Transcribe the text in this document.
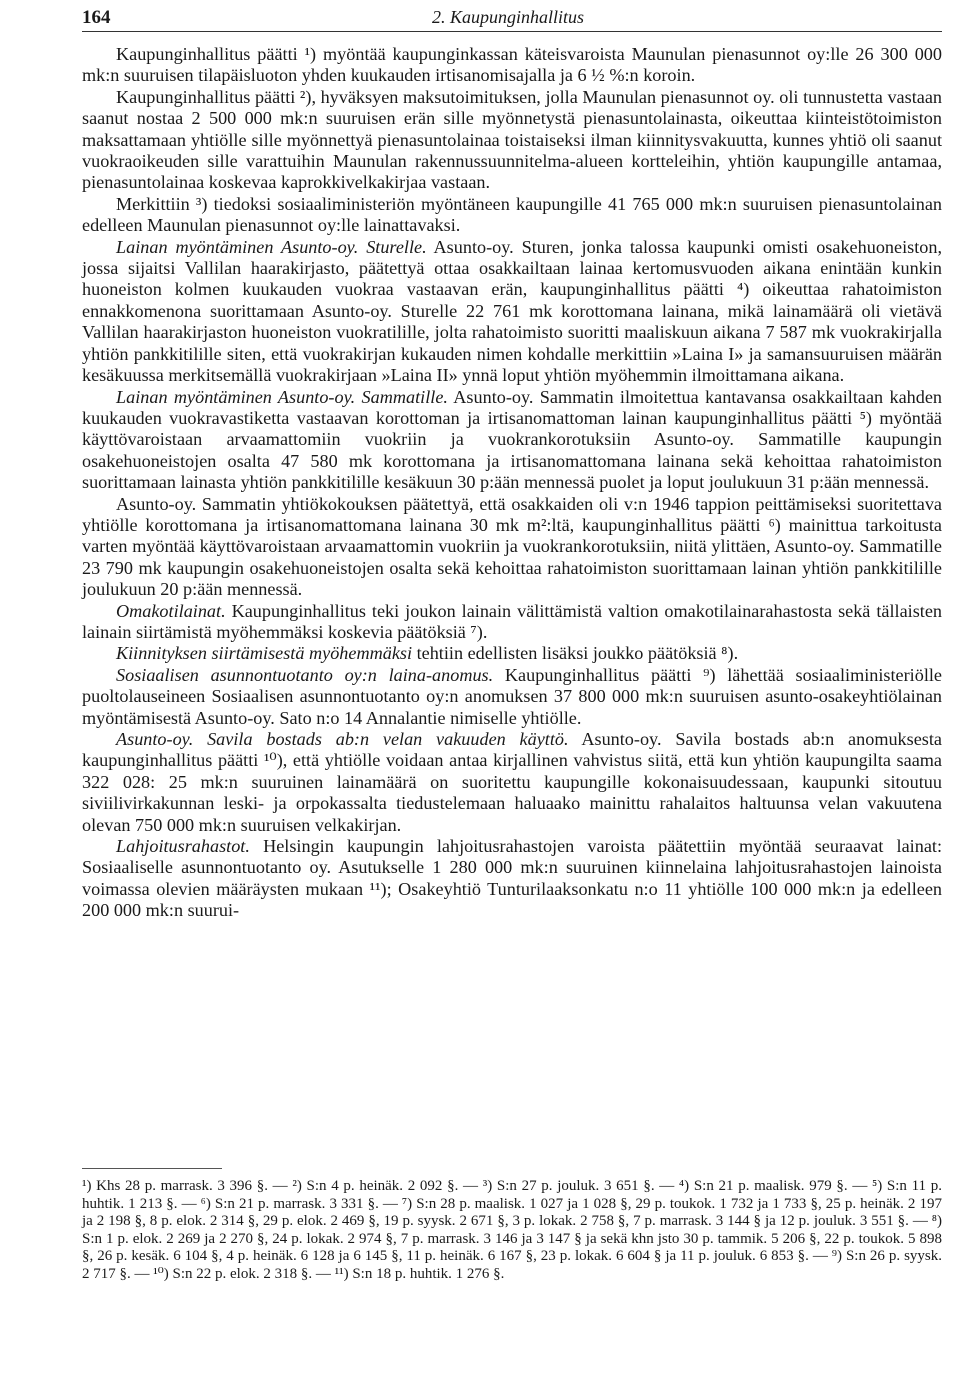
164	2. Kaupunginhallitus

Kaupunginhallitus päätti ¹) myöntää kaupunginkassan käteisvaroista Maunulan pienasunnot oy:lle 26 300 000 mk:n suuruisen tilapäisluoton yhden kuukauden irtisanomisajalla ja 6 ½ %:n koroin.

Kaupunginhallitus päätti ²), hyväksyen maksutoimituksen, jolla Maunulan pienasunnot oy. oli tunnustetta vastaan saanut nostaa 2 500 000 mk:n suuruisen erän sille myönnetystä pienasuntolainasta, oikeuttaa kiinteistötoimiston maksattamaan yhtiölle sille myönnettyä pienasuntolainaa toistaiseksi ilman kiinnitysvakuutta, kunnes yhtiö oli saanut vuokraoikeuden sille varattuihin Maunulan rakennussuunnitelma-alueen kortteleihin, yhtiön kaupungille antamaa, pienasuntolainaa koskevaa kaprokkivelkakirjaa vastaan.

Merkittiin ³) tiedoksi sosiaaliministeriön myöntäneen kaupungille 41 765 000 mk:n suuruisen pienasuntolainan edelleen Maunulan pienasunnot oy:lle lainattavaksi.

Lainan myöntäminen Asunto-oy. Sturelle. Asunto-oy. Sturen, jonka talossa kaupunki omisti osakehuoneiston, jossa sijaitsi Vallilan haarakirjasto, päätettyä ottaa osakkailtaan lainaa kertomusvuoden aikana enintään kunkin huoneiston kolmen kuukauden vuokraa vastaavan erän, kaupunginhallitus päätti ⁴) oikeuttaa rahatoimiston ennakkomenona suorittamaan Asunto-oy. Sturelle 22 761 mk korottomana lainana, mikä lainamäärä oli vietävä Vallilan haarakirjaston huoneiston vuokratilille, jolta rahatoimisto suoritti maaliskuun aikana 7 587 mk vuokrakirjalla yhtiön pankkitilille siten, että vuokrakirjan kukauden nimen kohdalle merkittiin »Laina I» ja samansuuruisen määrän kesäkuussa merkitsemällä vuokrakirjaan »Laina II» ynnä loput yhtiön myöhemmin ilmoittamana aikana.

Lainan myöntäminen Asunto-oy. Sammatille. Asunto-oy. Sammatin ilmoitettua kantavansa osakkailtaan kahden kuukauden vuokravastiketta vastaavan korottoman ja irtisanomattoman lainan kaupunginhallitus päätti ⁵) myöntää käyttövaroistaan arvaamattomiin vuokriin ja vuokrankorotuksiin Asunto-oy. Sammatille kaupungin osakehuoneistojen osalta 47 580 mk korottomana ja irtisanomattomana lainana sekä kehoittaa rahatoimiston suorittamaan lainasta yhtiön pankkitilille kesäkuun 30 p:ään mennessä puolet ja loput joulukuun 31 p:ään mennessä.

Asunto-oy. Sammatin yhtiökokouksen päätettyä, että osakkaiden oli v:n 1946 tappion peittämiseksi suoritettava yhtiölle korottomana ja irtisanomattomana lainana 30 mk m²:ltä, kaupunginhallitus päätti ⁶) mainittua tarkoitusta varten myöntää käyttövaroistaan arvaamattomin vuokriin ja vuokrankorotuksiin, niitä ylittäen, Asunto-oy. Sammatille 23 790 mk kaupungin osakehuoneistojen osalta sekä kehoittaa rahatoimiston suorittamaan lainan yhtiön pankkitilille joulukuun 20 p:ään mennessä.

Omakotilainat. Kaupunginhallitus teki joukon lainain välittämistä valtion omakotilainarahastosta sekä tällaisten lainain siirtämistä myöhemmäksi koskevia päätöksiä ⁷).

Kiinnityksen siirtämisestä myöhemmäksi tehtiin edellisten lisäksi joukko päätöksiä ⁸).

Sosiaalisen asunnontuotanto oy:n laina-anomus. Kaupunginhallitus päätti ⁹) lähettää sosiaaliministeriölle puoltolauseineen Sosiaalisen asunnontuotanto oy:n anomuksen 37 800 000 mk:n suuruisen asunto-osakeyhtiölainan myöntämisestä Asunto-oy. Sato n:o 14 Annalantie nimiselle yhtiölle.

Asunto-oy. Savila bostads ab:n velan vakuuden käyttö. Asunto-oy. Savila bostads ab:n anomuksesta kaupunginhallitus päätti ¹⁰), että yhtiölle voidaan antaa kirjallinen vahvistus siitä, että kun yhtiön kaupungilta saama 322 028: 25 mk:n suuruinen lainamäärä on suoritettu kaupungille kokonaisuudessaan, kaupunki sitoutuu siviilivirkakunnan leski- ja orpokassalta tiedustelemaan haluaako mainittu rahalaitos haltuunsa velan vakuutena olevan 750 000 mk:n suuruisen velkakirjan.

Lahjoitusrahastot. Helsingin kaupungin lahjoitusrahastojen varoista päätettiin myöntää seuraavat lainat: Sosiaaliselle asunnontuotanto oy. Asutukselle 1 280 000 mk:n suuruinen kiinnelaina lahjoitusrahastojen lainoista voimassa olevien määräysten mukaan ¹¹); Osakeyhtiö Tunturilaaksonkatu n:o 11 yhtiölle 100 000 mk:n ja edelleen 200 000 mk:n suurui-

¹) Khs 28 p. marrask. 3 396 §. — ²) S:n 4 p. heinäk. 2 092 §. — ³) S:n 27 p. jouluk. 3 651 §. — ⁴) S:n 21 p. maalisk. 979 §. — ⁵) S:n 11 p. huhtik. 1 213 §. — ⁶) S:n 21 p. marrask. 3 331 §. — ⁷) S:n 28 p. maalisk. 1 027 ja 1 028 §, 29 p. toukok. 1 732 ja 1 733 §, 25 p. heinäk. 2 197 ja 2 198 §, 8 p. elok. 2 314 §, 29 p. elok. 2 469 §, 19 p. syysk. 2 671 §, 3 p. lokak. 2 758 §, 7 p. marrask. 3 144 § ja 12 p. jouluk. 3 551 §. — ⁸) S:n 1 p. elok. 2 269 ja 2 270 §, 24 p. lokak. 2 974 §, 7 p. marrask. 3 146 ja 3 147 § ja sekä khn jsto 30 p. tammik. 5 206 §, 22 p. toukok. 5 898 §, 26 p. kesäk. 6 104 §, 4 p. heinäk. 6 128 ja 6 145 §, 11 p. heinäk. 6 167 §, 23 p. lokak. 6 604 § ja 11 p. jouluk. 6 853 §. — ⁹) S:n 26 p. syysk. 2 717 §. — ¹⁰) S:n 22 p. elok. 2 318 §. — ¹¹) S:n 18 p. huhtik. 1 276 §.
